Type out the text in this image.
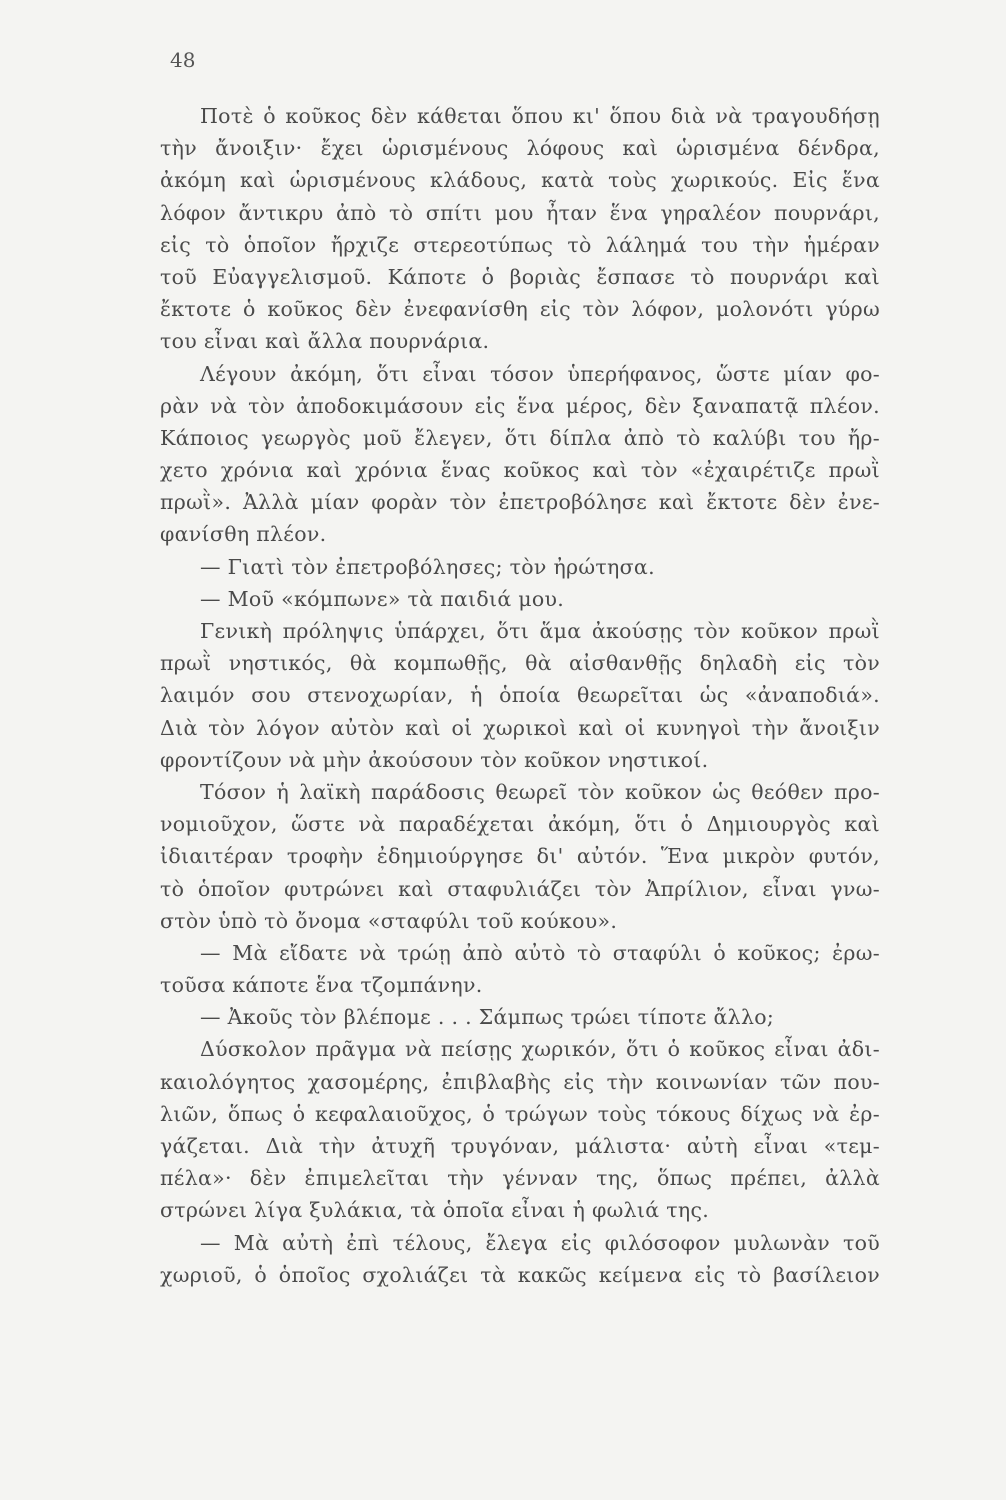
48
Ποτὲ ὁ κοῦκος δὲν κάθεται ὅπου κι' ὅπου διὰ νὰ τραγουδήσῃ
τὴν ἄνοιξιν· ἔχει ὡρισμένους λόφους καὶ ὡρισμένα δένδρα,
ἀκόμη καὶ ὡρισμένους κλάδους, κατὰ τοὺς χωρικούς. Εἰς ἕνα
λόφον ἄντικρυ ἀπὸ τὸ σπίτι μου ἦταν ἕνα γηραλέον πουρνάρι,
εἰς τὸ ὁποῖον ἤρχιζε στερεοτύπως τὸ λάλημά του τὴν ἡμέραν
τοῦ Εὐαγγελισμοῦ. Κάποτε ὁ βοριὰς ἔσπασε τὸ πουρνάρι καὶ
ἔκτοτε ὁ κοῦκος δὲν ἐνεφανίσθη εἰς τὸν λόφον, μολονότι γύρω
του εἶναι καὶ ἄλλα πουρνάρια.
Λέγουν ἀκόμη, ὅτι εἶναι τόσον ὑπερήφανος, ὥστε μίαν φο-
ρὰν νὰ τὸν ἀποδοκιμάσουν εἰς ἕνα μέρος, δὲν ξαναπατᾷ πλέον.
Κάποιος γεωργὸς μοῦ ἔλεγεν, ὅτι δίπλα ἀπὸ τὸ καλύβι του ἤρ-
χετο χρόνια καὶ χρόνια ἕνας κοῦκος καὶ τὸν «ἐχαιρέτιζε πρωῒ
πρωῒ». Ἀλλὰ μίαν φορὰν τὸν ἐπετροβόλησε καὶ ἔκτοτε δὲν ἐνε-
φανίσθη πλέον.
— Γιατὶ τὸν ἐπετροβόλησες; τὸν ἠρώτησα.
— Μοῦ «κόμπωνε» τὰ παιδιά μου.
Γενικὴ πρόληψις ὑπάρχει, ὅτι ἅμα ἀκούσῃς τὸν κοῦκον πρωῒ
πρωῒ νηστικός, θὰ κομπωθῇς, θὰ αἰσθανθῇς δηλαδὴ εἰς τὸν
λαιμόν σου στενοχωρίαν, ἡ ὁποία θεωρεῖται ὡς «ἀναποδιά».
Διὰ τὸν λόγον αὐτὸν καὶ οἱ χωρικοὶ καὶ οἱ κυνηγοὶ τὴν ἄνοιξιν
φροντίζουν νὰ μὴν ἀκούσουν τὸν κοῦκον νηστικοί.
Τόσον ἡ λαϊκὴ παράδοσις θεωρεῖ τὸν κοῦκον ὡς θεόθεν προ-
νομιοῦχον, ὥστε νὰ παραδέχεται ἀκόμη, ὅτι ὁ Δημιουργὸς καὶ
ἰδιαιτέραν τροφὴν ἐδημιούργησε δι' αὐτόν. Ἕνα μικρὸν φυτόν,
τὸ ὁποῖον φυτρώνει καὶ σταφυλιάζει τὸν Ἀπρίλιον, εἶναι γνω-
στὸν ὑπὸ τὸ ὄνομα «σταφύλι τοῦ κούκου».
— Μὰ εἴδατε νὰ τρώῃ ἀπὸ αὐτὸ τὸ σταφύλι ὁ κοῦκος; ἐρω-
τοῦσα κάποτε ἕνα τζομπάνην.
— Ἀκοῦς τὸν βλέπομε . . . Σάμπως τρώει τίποτε ἄλλο;
Δύσκολον πρᾶγμα νὰ πείσῃς χωρικόν, ὅτι ὁ κοῦκος εἶναι ἀδι-
καιολόγητος χασομέρης, ἐπιβλαβὴς εἰς τὴν κοινωνίαν τῶν που-
λιῶν, ὅπως ὁ κεφαλαιοῦχος, ὁ τρώγων τοὺς τόκους δίχως νὰ ἐρ-
γάζεται. Διὰ τὴν ἀτυχῆ τρυγόναν, μάλιστα· αὐτὴ εἶναι «τεμ-
πέλα»· δὲν ἐπιμελεῖται τὴν γένναν της, ὅπως πρέπει, ἀλλὰ
στρώνει λίγα ξυλάκια, τὰ ὁποῖα εἶναι ἡ φωλιά της.
— Μὰ αὐτὴ ἐπὶ τέλους, ἔλεγα εἰς φιλόσοφον μυλωνὰν τοῦ
χωριοῦ, ὁ ὁποῖος σχολιάζει τὰ κακῶς κείμενα εἰς τὸ βασίλειον
